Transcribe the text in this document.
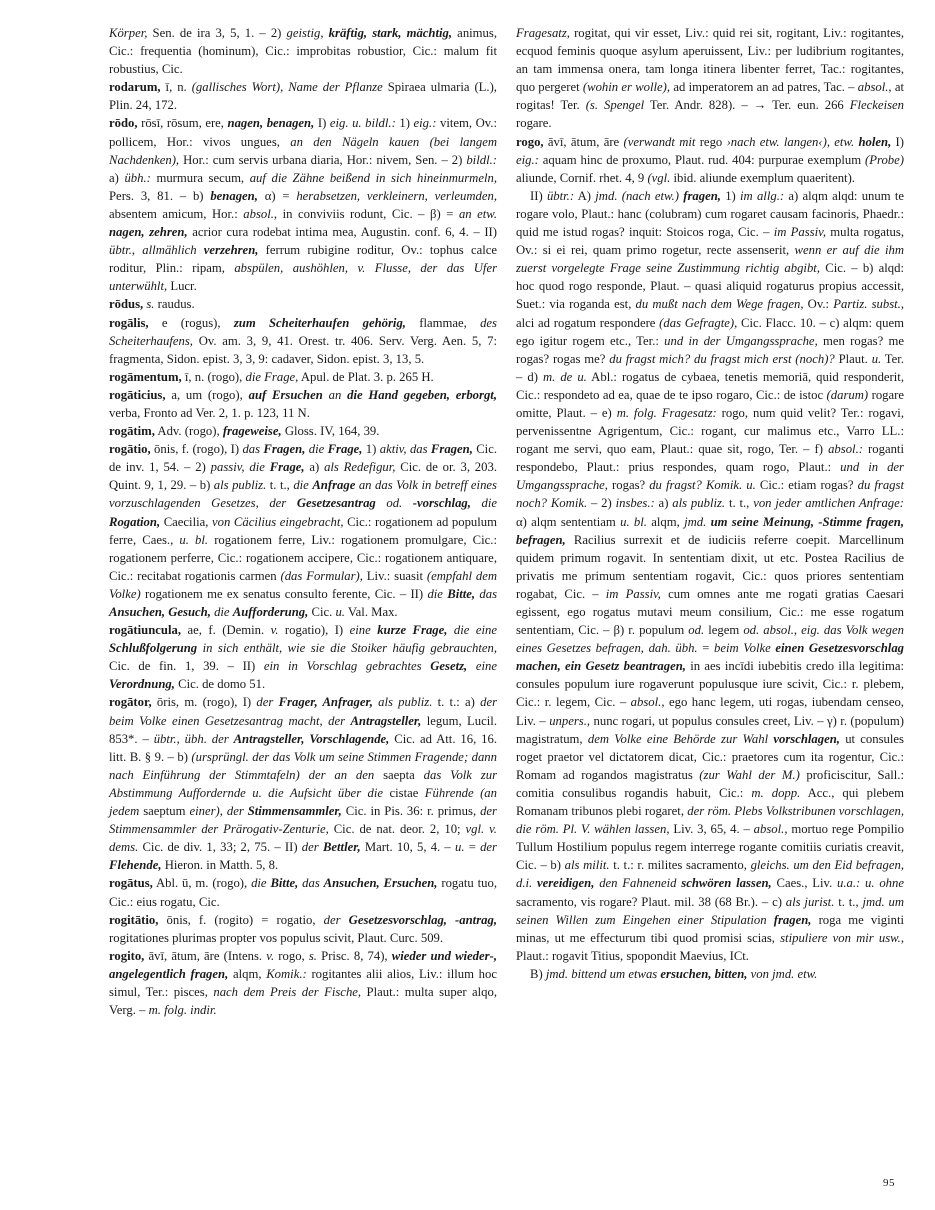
Körper, Sen. de ira 3, 5, 1. – 2) geistig, kräftig, stark, mächtig, animus, Cic.: frequentia (hominum), Cic.: improbitas robustior, Cic.: malum fit robustius, Cic.

rodarum, ī, n. (gallisches Wort), Name der Pflanze Spiraea ulmaria (L.), Plin. 24, 172.

rōdo, rōsī, rōsum, ere, nagen, benagen, I) eig. u. bildl.: 1) eig.: vitem, Ov.: pollicem, Hor.: vivos ungues, an den Nägeln kauen (bei langem Nachdenken), Hor.: cum servis urbana diaria, Hor.: nivem, Sen. – 2) bildl.: a) übh.: murmura secum, auf die Zähne beißend in sich hineinmurmeln, Pers. 3, 81. – b) benagen, α) = herabsetzen, verkleinern, verleumden, absentem amicum, Hor.: absol., in conviviis rodunt, Cic. – β) = an etw. nagen, zehren, acrior cura rodebat intima mea, Augustin. conf. 6, 4. – II) übtr., allmählich verzehren, ferrum rubigine roditur, Ov.: tophus calce roditur, Plin.: ripam, abspülen, aushöhlen, v. Flusse, der das Ufer unterwühlt, Lucr.

rōdus, s. raudus.

rogālis, e (rogus), zum Scheiterhaufen gehörig, flammae, des Scheiterhaufens, Ov. am. 3, 9, 41. Orest. tr. 406. Serv. Verg. Aen. 5, 7: fragmenta, Sidon. epist. 3, 3, 9: cadaver, Sidon. epist. 3, 13, 5.

rogāmentum, ī, n. (rogo), die Frage, Apul. de Plat. 3. p. 265 H.

rogāticius, a, um (rogo), auf Ersuchen an die Hand gegeben, erborgt, verba, Fronto ad Ver. 2, 1. p. 123, 11 N.

rogātim, Adv. (rogo), frageweise, Gloss. IV, 164, 39.

rogātio, ōnis, f. (rogo), I) das Fragen, die Frage, 1) aktiv, das Fragen, Cic. de inv. 1, 54. – 2) passiv, die Frage, a) als Redefigur, Cic. de or. 3, 203. Quint. 9, 1, 29. – b) als publiz. t. t., die Anfrage an das Volk in betreff eines vorzuschlagenden Gesetzes, der Gesetzesantrag od. -vorschlag, die Rogation, Caecilia, von Cäcilius eingebracht, Cic.: rogationem ad populum ferre, Caes., u. bl. rogationem ferre, Liv.: rogationem promulgare, Cic.: rogationem perferre, Cic.: rogationem accipere, Cic.: rogationem antiquare, Cic.: recitabat rogationis carmen (das Formular), Liv.: suasit (empfahl dem Volke) rogationem me ex senatus consulto ferente, Cic. – II) die Bitte, das Ansuchen, Gesuch, die Aufforderung, Cic. u. Val. Max.

rogātiuncula, ae, f. (Demin. v. rogatio), I) eine kurze Frage, die eine Schlußfolgerung in sich enthält, wie sie die Stoiker häufig gebrauchten, Cic. de fin. 1, 39. – II) ein in Vorschlag gebrachtes Gesetz, eine Verordnung, Cic. de domo 51.

rogātor, ōris, m. (rogo), I) der Frager, Anfrager, als publiz. t. t.: a) der beim Volke einen Gesetzesantrag macht, der Antragsteller, legum, Lucil. 853*. – übtr., übh. der Antragsteller, Vorschlagende, Cic. ad Att. 16, 16. litt. B. § 9. – b) (ursprüngl. der das Volk um seine Stimmen Fragende; dann nach Einführung der Stimmtafeln) der an den saepta das Volk zur Abstimmung Auffordernde u. die Aufsicht über die cistae Führende (an jedem saeptum einer), der Stimmensammler, Cic. in Pis. 36: r. primus, der Stimmensammler der Prärogativ-Zenturie, Cic. de nat. deor. 2, 10; vgl. v. dems. Cic. de div. 1, 33; 2, 75. – II) der Bettler, Mart. 10, 5, 4. – u. = der Flehende, Hieron. in Matth. 5, 8.

rogātus, Abl. ū, m. (rogo), die Bitte, das Ansuchen, Ersuchen, rogatu tuo, Cic.: eius rogatu, Cic.

rogitātio, ōnis, f. (rogito) = rogatio, der Gesetzesvorschlag, -antrag, rogitationes plurimas propter vos populus scivit, Plaut. Curc. 509.

rogito, āvī, ātum, āre (Intens. v. rogo, s. Prisc. 8, 74), wieder und wieder-, angelegentlich fragen, alqm, Komik.: rogitantes alii alios, Liv.: illum hoc simul, Ter.: pisces, nach dem Preis der Fische, Plaut.: multa super alqo, Verg. – m. folg. indir.

Fragesatz, rogitat, qui vir esset, Liv.: quid rei sit, rogitant, Liv.: rogitantes, ecquod feminis quoque asylum aperuissent, Liv.: per ludibrium rogitantes, an tam immensa onera, tam longa itinera libenter ferret, Tac.: rogitantes, quo pergeret (wohin er wolle), ad imperatorem an ad patres, Tac. – absol., at rogitas! Ter. (s. Spengel Ter. Andr. 828). – → Ter. eun. 266 Fleckeisen rogare.

rogo, āvī, ātum, āre (verwandt mit rego ›nach etw. langen‹), etw. holen, I) eig.: aquam hinc de proxumo, Plaut. rud. 404: purpurae exemplum (Probe) aliunde, Cornif. rhet. 4, 9 (vgl. ibid. aliunde exemplum quaeritent).

II) übtr.: A) jmd. (nach etw.) fragen, 1) im allg.: a) alqm alqd: unum te rogare volo, Plaut.: hanc (colubram) cum rogaret causam facinoris, Phaedr.: quid me istud rogas? inquit: Stoicos roga, Cic. – im Passiv, multa rogatus, Ov.: si ei rei, quam primo rogetur, recte assenserit, wenn er auf die ihm zuerst vorgelegte Frage seine Zustimmung richtig abgibt, Cic. – b) alqd: hoc quod rogo responde, Plaut. – quasi aliquid rogaturus propius accessit, Suet.: via roganda est, du mußt nach dem Wege fragen, Ov.: Partiz. subst., alci ad rogatum respondere (das Gefragte), Cic. Flacc. 10. – c) alqm: quem ego igitur rogem etc., Ter.: und in der Umgangssprache, men rogas? me rogas? rogas me? du fragst mich? du fragst mich erst (noch)? Plaut. u. Ter. – d) m. de u. Abl.: rogatus de cybaea, tenetis memoriā, quid responderit, Cic.: respondeto ad ea, quae de te ipso rogaro, Cic.: de istoc (darum) rogare omitte, Plaut. – e) m. folg. Fragesatz: rogo, num quid velit? Ter.: rogavi, pervenissentne Agrigentum, Cic.: rogant, cur malimus etc., Varro LL.: rogant me servi, quo eam, Plaut.: quae sit, rogo, Ter. – f) absol.: roganti respondebo, Plaut.: prius respondes, quam rogo, Plaut.: und in der Umgangssprache, rogas? du fragst? Komik. u. Cic.: etiam rogas? du fragst noch? Komik. – 2) insbes.: a) als publiz. t. t., von jeder amtlichen Anfrage: α) alqm sententiam u. bl. alqm, jmd. um seine Meinung, -Stimme fragen, befragen, Racilius surrexit et de iudiciis referre coepit. Marcellinum quidem primum rogavit. In sententiam dixit, ut etc. Postea Racilius de privatis me primum sententiam rogavit, Cic.: quos priores sententiam rogabat, Cic. – im Passiv, cum omnes ante me rogati gratias Caesari egissent, ego rogatus mutavi meum consilium, Cic.: me esse rogatum sententiam, Cic. – β) r. populum od. legem od. absol., eig. das Volk wegen eines Gesetzes befragen, dah. übh. = beim Volke einen Gesetzesvorschlag machen, ein Gesetz beantragen, in aes incīdi iubebitis credo illa legitima: consules populum iure rogaverunt populusque iure scivit, Cic.: r. plebem, Cic.: r. legem, Cic. – absol., ego hanc legem, uti rogas, iubendam censeo, Liv. – unpers., nunc rogari, ut populus consules creet, Liv. – γ) r. (populum) magistratum, dem Volke eine Behörde zur Wahl vorschlagen, ut consules roget praetor vel dictatorem dicat, Cic.: praetores cum ita rogentur, Cic.: Romam ad rogandos magistratus (zur Wahl der M.) proficiscitur, Sall.: comitia consulibus rogandis habuit, Cic.: m. dopp. Acc., qui plebem Romanam tribunos plebi rogaret, der röm. Plebs Volkstribunen vorschlagen, die röm. Pl. V. wählen lassen, Liv. 3, 65, 4. – absol., mortuo rege Pompilio Tullum Hostilium populus regem interrege rogante comitiis curiatis creavit, Cic. – b) als milit. t. t.: r. milites sacramento, gleichs. um den Eid befragen, d.i. vereidigen, den Fahneneid schwören lassen, Caes., Liv. u.a.: u. ohne sacramento, vis rogare? Plaut. mil. 38 (68 Br.). – c) als jurist. t. t., jmd. um seinen Willen zum Eingehen einer Stipulation fragen, roga me viginti minas, ut me effecturum tibi quod promisi scias, stipuliere von mir usw., Plaut.: rogavit Titius, spopondit Maevius, ICt.

B) jmd. bittend um etwas ersuchen, bitten, von jmd. etw.

95
